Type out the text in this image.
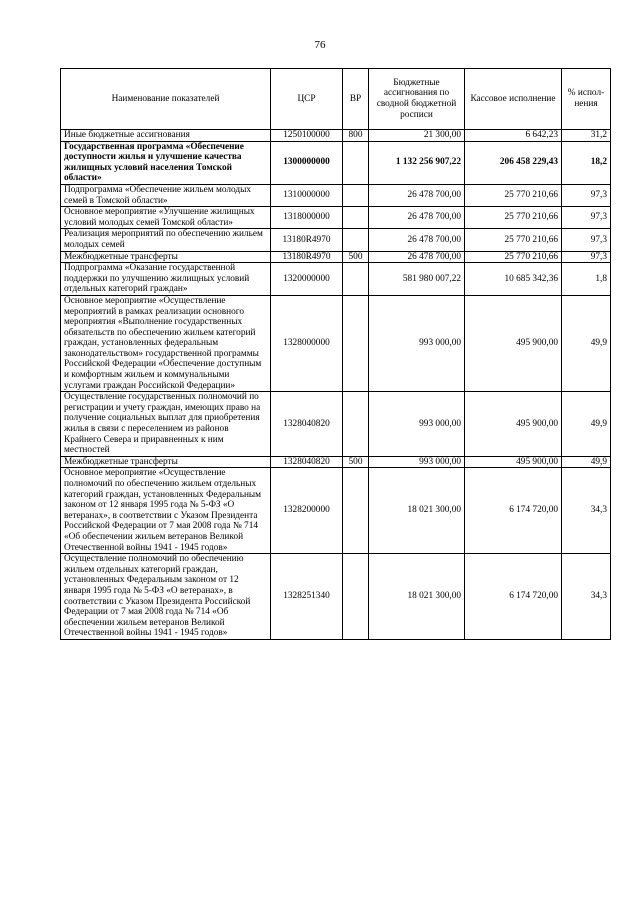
76
Наименование показателей	ЦСР	ВР	Бюджетные ассигнования по сводной бюджетной росписи	Кассовое исполнение	% испол-нения
Иные бюджетные ассигнования	1250100000	800	21 300,00	6 642,23	31,2
Государственная программа «Обеспечение доступности жилья и улучшение качества жилищных условий населения Томской области»	1300000000		1 132 256 907,22	206 458 229,43	18,2
Подпрограмма «Обеспечение жильем молодых семей в Томской области»	1310000000		26 478 700,00	25 770 210,66	97,3
Основное мероприятие «Улучшение жилищных условий молодых семей Томской области»	1318000000		26 478 700,00	25 770 210,66	97,3
Реализация мероприятий по обеспечению жильем молодых семей	13180R4970		26 478 700,00	25 770 210,66	97,3
Межбюджетные трансферты	13180R4970	500	26 478 700,00	25 770 210,66	97,3
Подпрограмма «Оказание государственной поддержки по улучшению жилищных условий отдельных категорий граждан»	1320000000		581 980 007,22	10 685 342,36	1,8
Основное мероприятие «Осуществление мероприятий в рамках реализации основного мероприятия «Выполнение государственных обязательств по обеспечению жильем категорий граждан, установленных федеральным законодательством» государственной программы Российской Федерации «Обеспечение доступным и комфортным жильем и коммунальными услугами граждан Российской Федерации»	1328000000		993 000,00	495 900,00	49,9
Осуществление государственных полномочий по регистрации и учету граждан, имеющих право на получение социальных выплат для приобретения жилья в связи с переселением из районов Крайнего Севера и приравненных к ним местностей	1328040820		993 000,00	495 900,00	49,9
Межбюджетные трансферты	1328040820	500	993 000,00	495 900,00	49,9
Основное мероприятие «Осуществление полномочий по обеспечению жильем отдельных категорий граждан, установленных Федеральным законом от 12 января 1995 года № 5-ФЗ «О ветеранах», в соответствии с Указом Президента Российской Федерации от 7 мая 2008 года № 714 «Об обеспечении жильем ветеранов Великой Отечественной войны 1941 - 1945 годов»	1328200000		18 021 300,00	6 174 720,00	34,3
Осуществление полномочий по обеспечению жильем отдельных категорий граждан, установленных Федеральным законом от 12 января 1995 года № 5-ФЗ «О ветеранах», в соответствии с Указом Президента Российской Федерации от 7 мая 2008 года № 714 «Об обеспечении жильем ветеранов Великой Отечественной войны 1941 - 1945 годов»	1328251340		18 021 300,00	6 174 720,00	34,3
